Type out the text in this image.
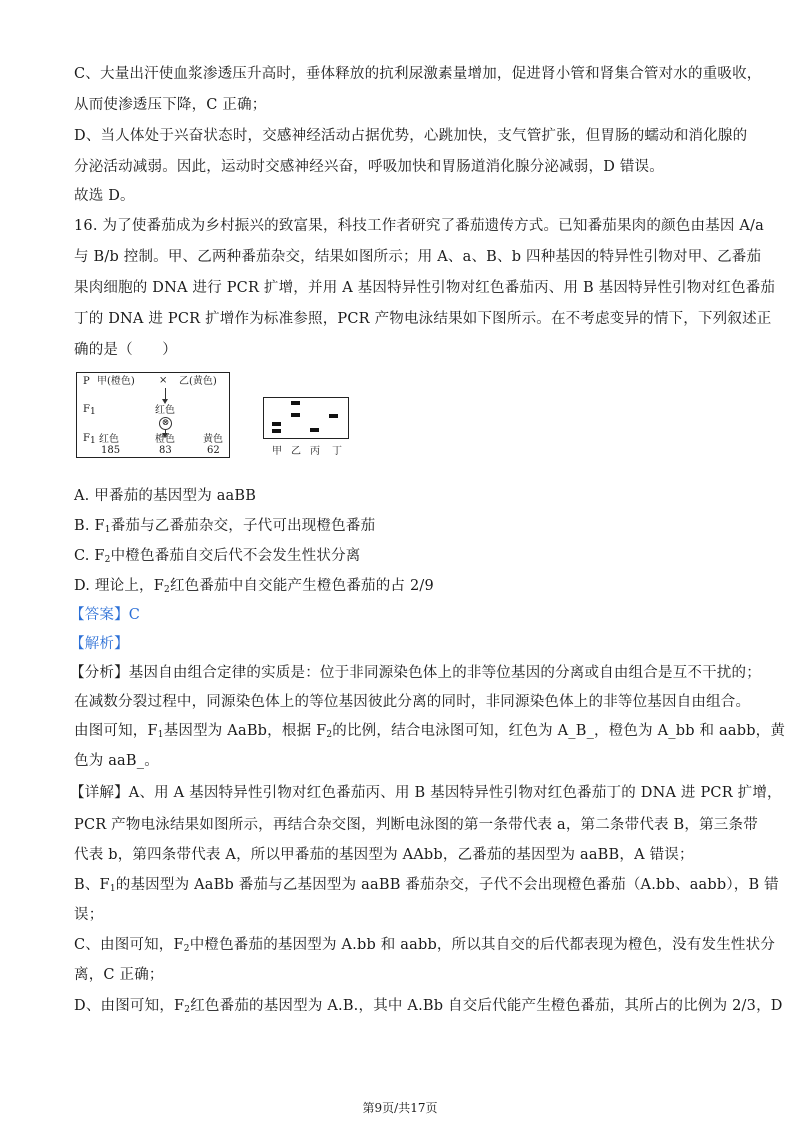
C、大量出汗使血浆渗透压升高时，垂体释放的抗利尿激素量增加，促进肾小管和肾集合管对水的重吸收，
从而使渗透压下降，C 正确；
D、当人体处于兴奋状态时，交感神经活动占据优势，心跳加快，支气管扩张，但胃肠的蠕动和消化腺的
分泌活动减弱。因此，运动时交感神经兴奋，呼吸加快和胃肠道消化腺分泌减弱，D 错误。
故选 D。
16. 为了使番茄成为乡村振兴的致富果，科技工作者研究了番茄遗传方式。已知番茄果肉的颜色由基因 A/a
与 B/b 控制。甲、乙两种番茄杂交，结果如图所示；用 A、a、B、b 四种基因的特异性引物对甲、乙番茄
果肉细胞的 DNA 进行 PCR 扩增，并用 A 基因特异性引物对红色番茄丙、用 B 基因特异性引物对红色番茄
丁的 DNA 进 PCR 扩增作为标准参照，PCR 产物电泳结果如下图所示。在不考虑变异的情下，下列叙述正
确的是（　　）
P 甲(橙色) × 乙(黄色)
$F_1$	红色
⊗
$F_1$ 红色
185
橙色
83
黄色
62	甲 乙 丙 丁
A. 甲番茄的基因型为 aaBB
B. $F_1$番茄与乙番茄杂交，子代可出现橙色番茄
C. $F_2$中橙色番茄自交后代不会发生性状分离
D. 理论上，$F_2$红色番茄中自交能产生橙色番茄的占 2/9
【答案】C
【解析】
【分析】基因自由组合定律的实质是：位于非同源染色体上的非等位基因的分离或自由组合是互不干扰的；
在减数分裂过程中，同源染色体上的等位基因彼此分离的同时，非同源染色体上的非等位基因自由组合。
由图可知，$F_1$基因型为 AaBb，根据 $F_2$的比例，结合电泳图可知，红色为 A_B_，橙色为 A_bb 和 aabb，黄
色为 aaB_。
【详解】A、用 A 基因特异性引物对红色番茄丙、用 B 基因特异性引物对红色番茄丁的 DNA 进 PCR 扩增，
PCR 产物电泳结果如图所示，再结合杂交图，判断电泳图的第一条带代表 a，第二条带代表 B，第三条带
代表 b，第四条带代表 A，所以甲番茄的基因型为 AAbb，乙番茄的基因型为 aaBB，A 错误；
B、$F_1$的基因型为 AaBb 番茄与乙基因型为 aaBB 番茄杂交，子代不会出现橙色番茄（A.bb、aabb），B 错
误；
C、由图可知，$F_2$中橙色番茄的基因型为 A.bb 和 aabb，所以其自交的后代都表现为橙色，没有发生性状分
离，C 正确；
D、由图可知，$F_2$红色番茄的基因型为 A.B.，其中 A.Bb 自交后代能产生橙色番茄，其所占的比例为 2/3，D
第9页/共17页
